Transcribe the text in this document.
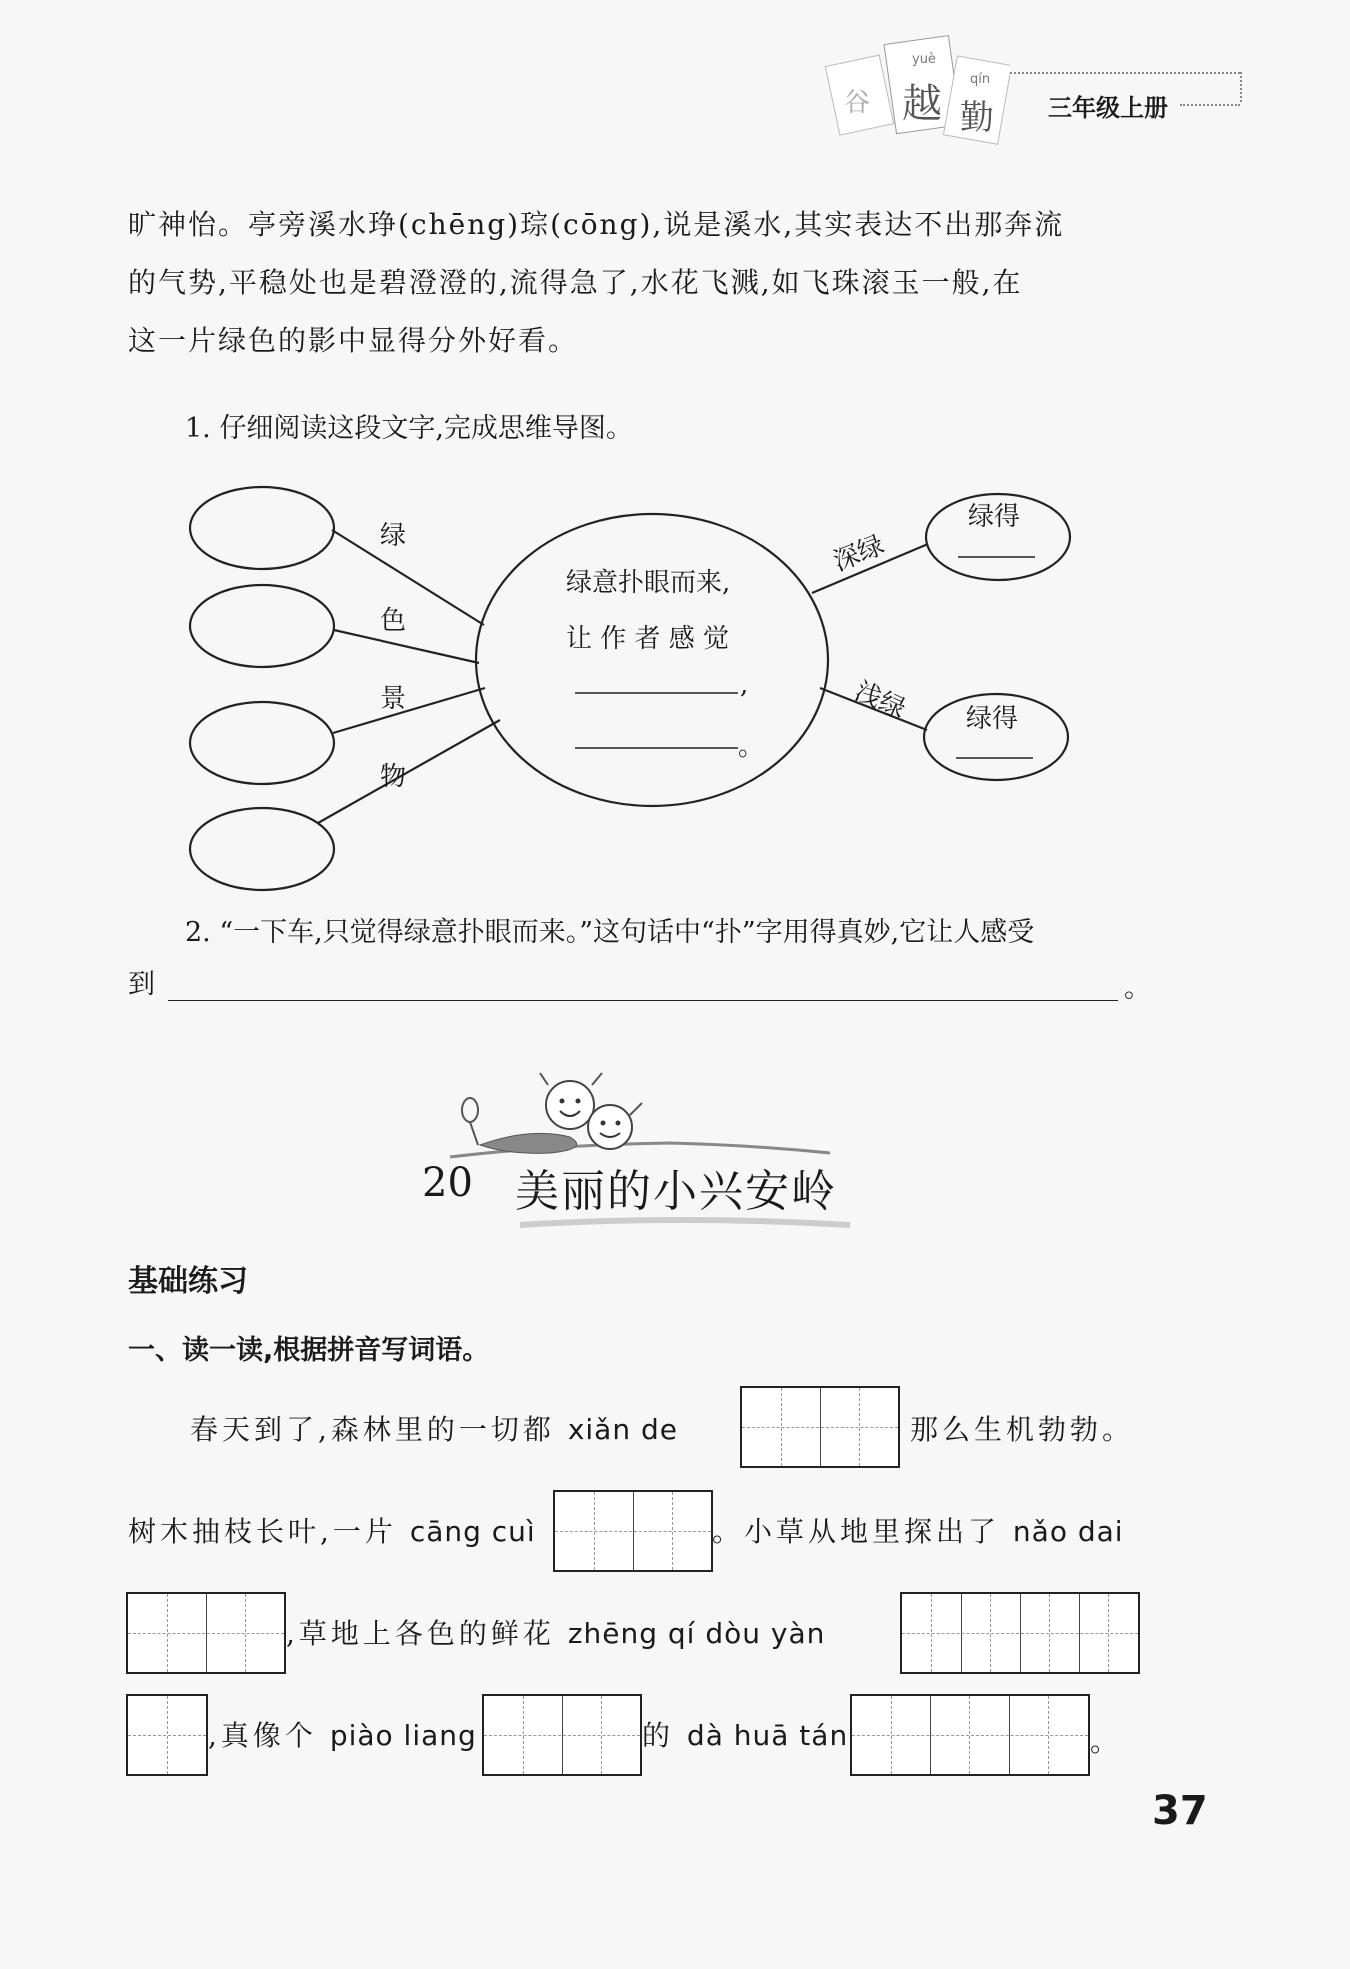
谷 越 勤
yuè
qín
三年级上册
旷神怡。亭旁溪水琤(chēng)琮(cōng),说是溪水,其实表达不出那奔流
的气势,平稳处也是碧澄澄的,流得急了,水花飞溅,如飞珠滚玉一般,在
这一片绿色的影中显得分外好看。
1. 仔细阅读这段文字,完成思维导图。
绿
色
景
物
绿意扑眼而来,
让 作 者 感 觉
,
。
深绿
浅绿
绿得
绿得
2. “一下车,只觉得绿意扑眼而来。”这句话中“扑”字用得真妙,它让人感受
到	。
20 美丽的小兴安岭
基础练习
一、读一读,根据拼音写词语。
春天到了,森林里的一切都 xiǎn de	那么生机勃勃。
树木抽枝长叶,一片 cāng cuì	。小草从地里探出了 nǎo dai
,草地上各色的鲜花 zhēng qí dòu yàn
,真像个 piào liang	的 dà huā tán	。
37
